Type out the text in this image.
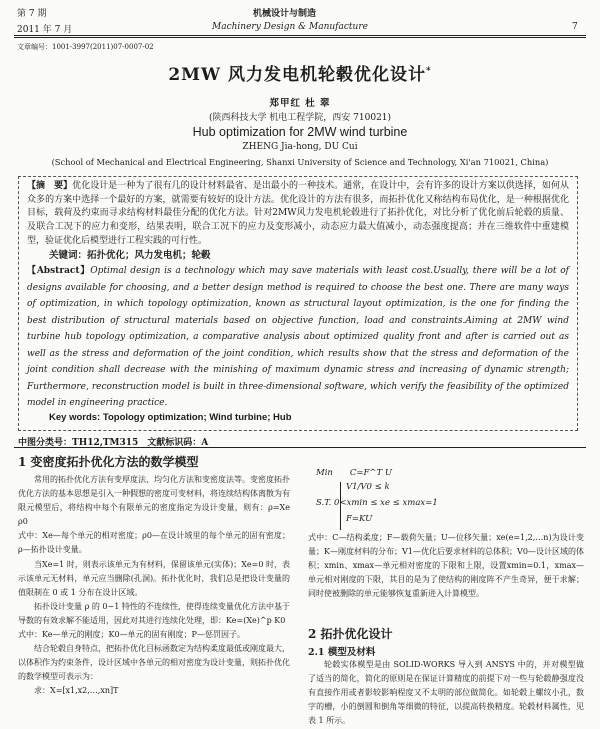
第 7 期	机械设计与制造
2011 年 7 月	Machinery Design & Manufacture	7
文章编号：1001-3997(2011)07-0007-02
2MW 风力发电机轮毂优化设计*
郑甲红 杜 翠
(陕西科技大学 机电工程学院，西安 710021)
Hub optimization for 2MW wind turbine
ZHENG Jia-hong, DU Cui
(School of Mechanical and Electrical Engineering, Shanxi University of Science and Technology, Xi'an 710021, China)
【摘　要】优化设计是一种为了很有几的设计材料最省、是出最小的一种技术。通常，在设计中，会有许多的设计方案以供选择，如何从众多的方案中选择一个最好的方案，就需要有较好的设计方法。优化设计的方法有很多，而拓扑优化又称结构布局优化，是一种根据优化目标，载荷及约束而寻求结构材料最佳分配的优化方法。针对2MW风力发电机轮毂进行了拓扑优化，对比分析了优化前后轮毂的质量、及联合工况下的应力和变形，结果表明，联合工况下的应力及变形减小，动态应力最大值减小，动态强度提高；并在三维软件中重建模型，验证优化后模型进行工程实践的可行性。
关键词：拓扑优化；风力发电机；轮毂
【Abstract】Optimal design is a technology which may save materials with least cost.Usually, there will be a lot of designs available for choosing, and a better design method is required to choose the best one. There are many ways of optimization, in which topology optimization, known as structural layout optimization, is the one for finding the best distribution of structural materials based on objective function, load and constraints.Aiming at 2MW wind turbine hub topology optimization, a comparative analysis about optimized quality front and after is carried out as well as the stress and deformation of the joint condition, which results show that the stress and deformation of the joint condition shall decrease with the minishing of maximum dynamic stress and increasing of dynamic strength; Furthermore, reconstruction model is built in three-dimensional software, which verify the feasibility of the optimized model in engineering practice.
Key words: Topology optimization; Wind turbine; Hub
中图分类号：TH12,TM315　文献标识码：A
1 变密度拓扑优化方法的数学模型

常用的拓扑优化方法有变厚度法、均匀化方法和变密度法等。变密度拓扑优化方法的基本思想是引入一种假想的密度可变材料，将连续结构体离散为有限元模型后，将结构中每个有限单元的密度指定为设计变量，则有：ρ=Xe ρ0

式中：Xe—每个单元的相对密度；ρ0—在设计域里的每个单元的固有密度；ρ—拓扑设计变量。

当Xe=1 时，则表示该单元为有材料，保留该单元(实体)；Xe=0 时，表示该单元无材料，单元应当删除(孔洞)。拓扑优化时，我们总是把设计变量的值限制在 0 或 1 分布在设计区域。

拓扑设计变量 ρ 的 0~1 特性的不连续性，使得连续变量优化方法中基于导数的有效求解不能适用，因此对其进行连续化处理，即：Ke=(Xe)^p K0

式中：Ke—单元的刚度；K0—单元的固有刚度；P—惩罚因子。

结合轮毂自身特点，把拓扑优化目标函数定为结构柔度最低或刚度最大，以体积作为约束条件，设计区域中各单元的相对密度为设计变量，则拓扑优化的数学模型可表示为：

求：X=[x1,x2,…,xn]T

Min　　C=F^T U
V1/V0 ≤ k
S.T. 0<xmin ≤ xe ≤ xmax=1
F=KU

式中：C—结构柔度；F—载荷矢量；U—位移矢量；xe(e=1,2,…n)为设计变量；K—刚度材料的分布；V1—优化后要求材料的总体积；V0—设计区域的体积；xmin、xmax—单元相对密度的下限和上限，设置xmin=0.1，xmax—单元相对刚度的下限，其目的是为了使结构的刚度阵不产生奇异，便于求解；同时使被删除的单元能够恢复重新进入计算模型。

2 拓扑优化设计
2.1 模型及材料

轮毂实体模型是由 SOLID-WORKS 导入到 ANSYS 中的，并对模型做了适当的简化，简化的原则是在保证计算精度的前提下对一些与轮毂静强度没有直接作用或者影较影响程度又不太明的部位做简化。如轮毂上螺纹小孔，数字的槽，小的倒圆和倒角等细微的特征，以提高转换精度。轮毂材料属性，见表 1 所示。
